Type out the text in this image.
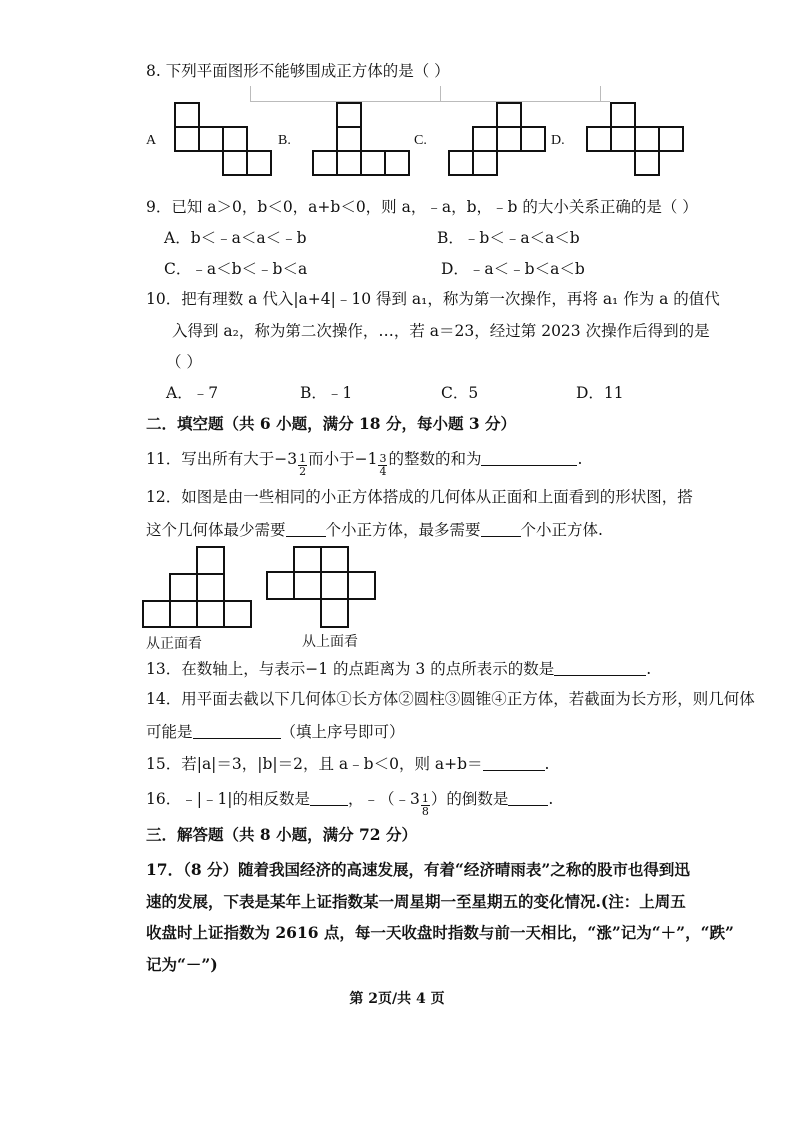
8. 下列平面图形不能够围成正方体的是（ ）
A	B.	C.	D.
9．已知 a＞0，b＜0，a+b＜0，则 a，﹣a，b，﹣b 的大小关系正确的是（ ）
A．b＜﹣a＜a＜﹣b	B．﹣b＜﹣a＜a＜b
C．﹣a＜b＜﹣b＜a	D．﹣a＜﹣b＜a＜b
10．把有理数 a 代入|a+4|﹣10 得到 a₁，称为第一次操作，再将 a₁ 作为 a 的值代
入得到 a₂，称为第二次操作，…，若 a＝23，经过第 2023 次操作后得到的是
（ ）
A．﹣7	B．﹣1	C．5	D．11
二．填空题（共 6 小题，满分 18 分，每小题 3 分）
11．写出所有大于$-3 \frac{1}{2}$ 而小于$-1 \frac{3}{4}$ 的整数的和为	.
12．如图是由一些相同的小正方体搭成的几何体从正面和上面看到的形状图，搭
这个几何体最少需要	个小正方体，最多需要	个小正方体.
从正面看	从上面看
13．在数轴上，与表示−1 的点距离为 3 的点所表示的数是	.
14．用平面去截以下几何体①长方体②圆柱③圆锥④正方体，若截面为长方形，则几何体
可能是	（填上序号即可）
15．若|a|＝3，|b|＝2，且 a﹣b＜0，则 a+b＝	.
16．﹣|﹣1|的相反数是 ，﹣（﹣3 $\frac{1}{8}$ ）的倒数是	.
三．解答题（共 8 小题，满分 72 分）
17．（8 分）随着我国经济的高速发展，有着“经济晴雨表”之称的股市也得到迅
速的发展，下表是某年上证指数某一周星期一至星期五的变化情况.(注：上周五
收盘时上证指数为 2616 点，每一天收盘时指数与前一天相比，“涨”记为“＋”，“跌”
记为“－”)
第 2页/共 4 页
